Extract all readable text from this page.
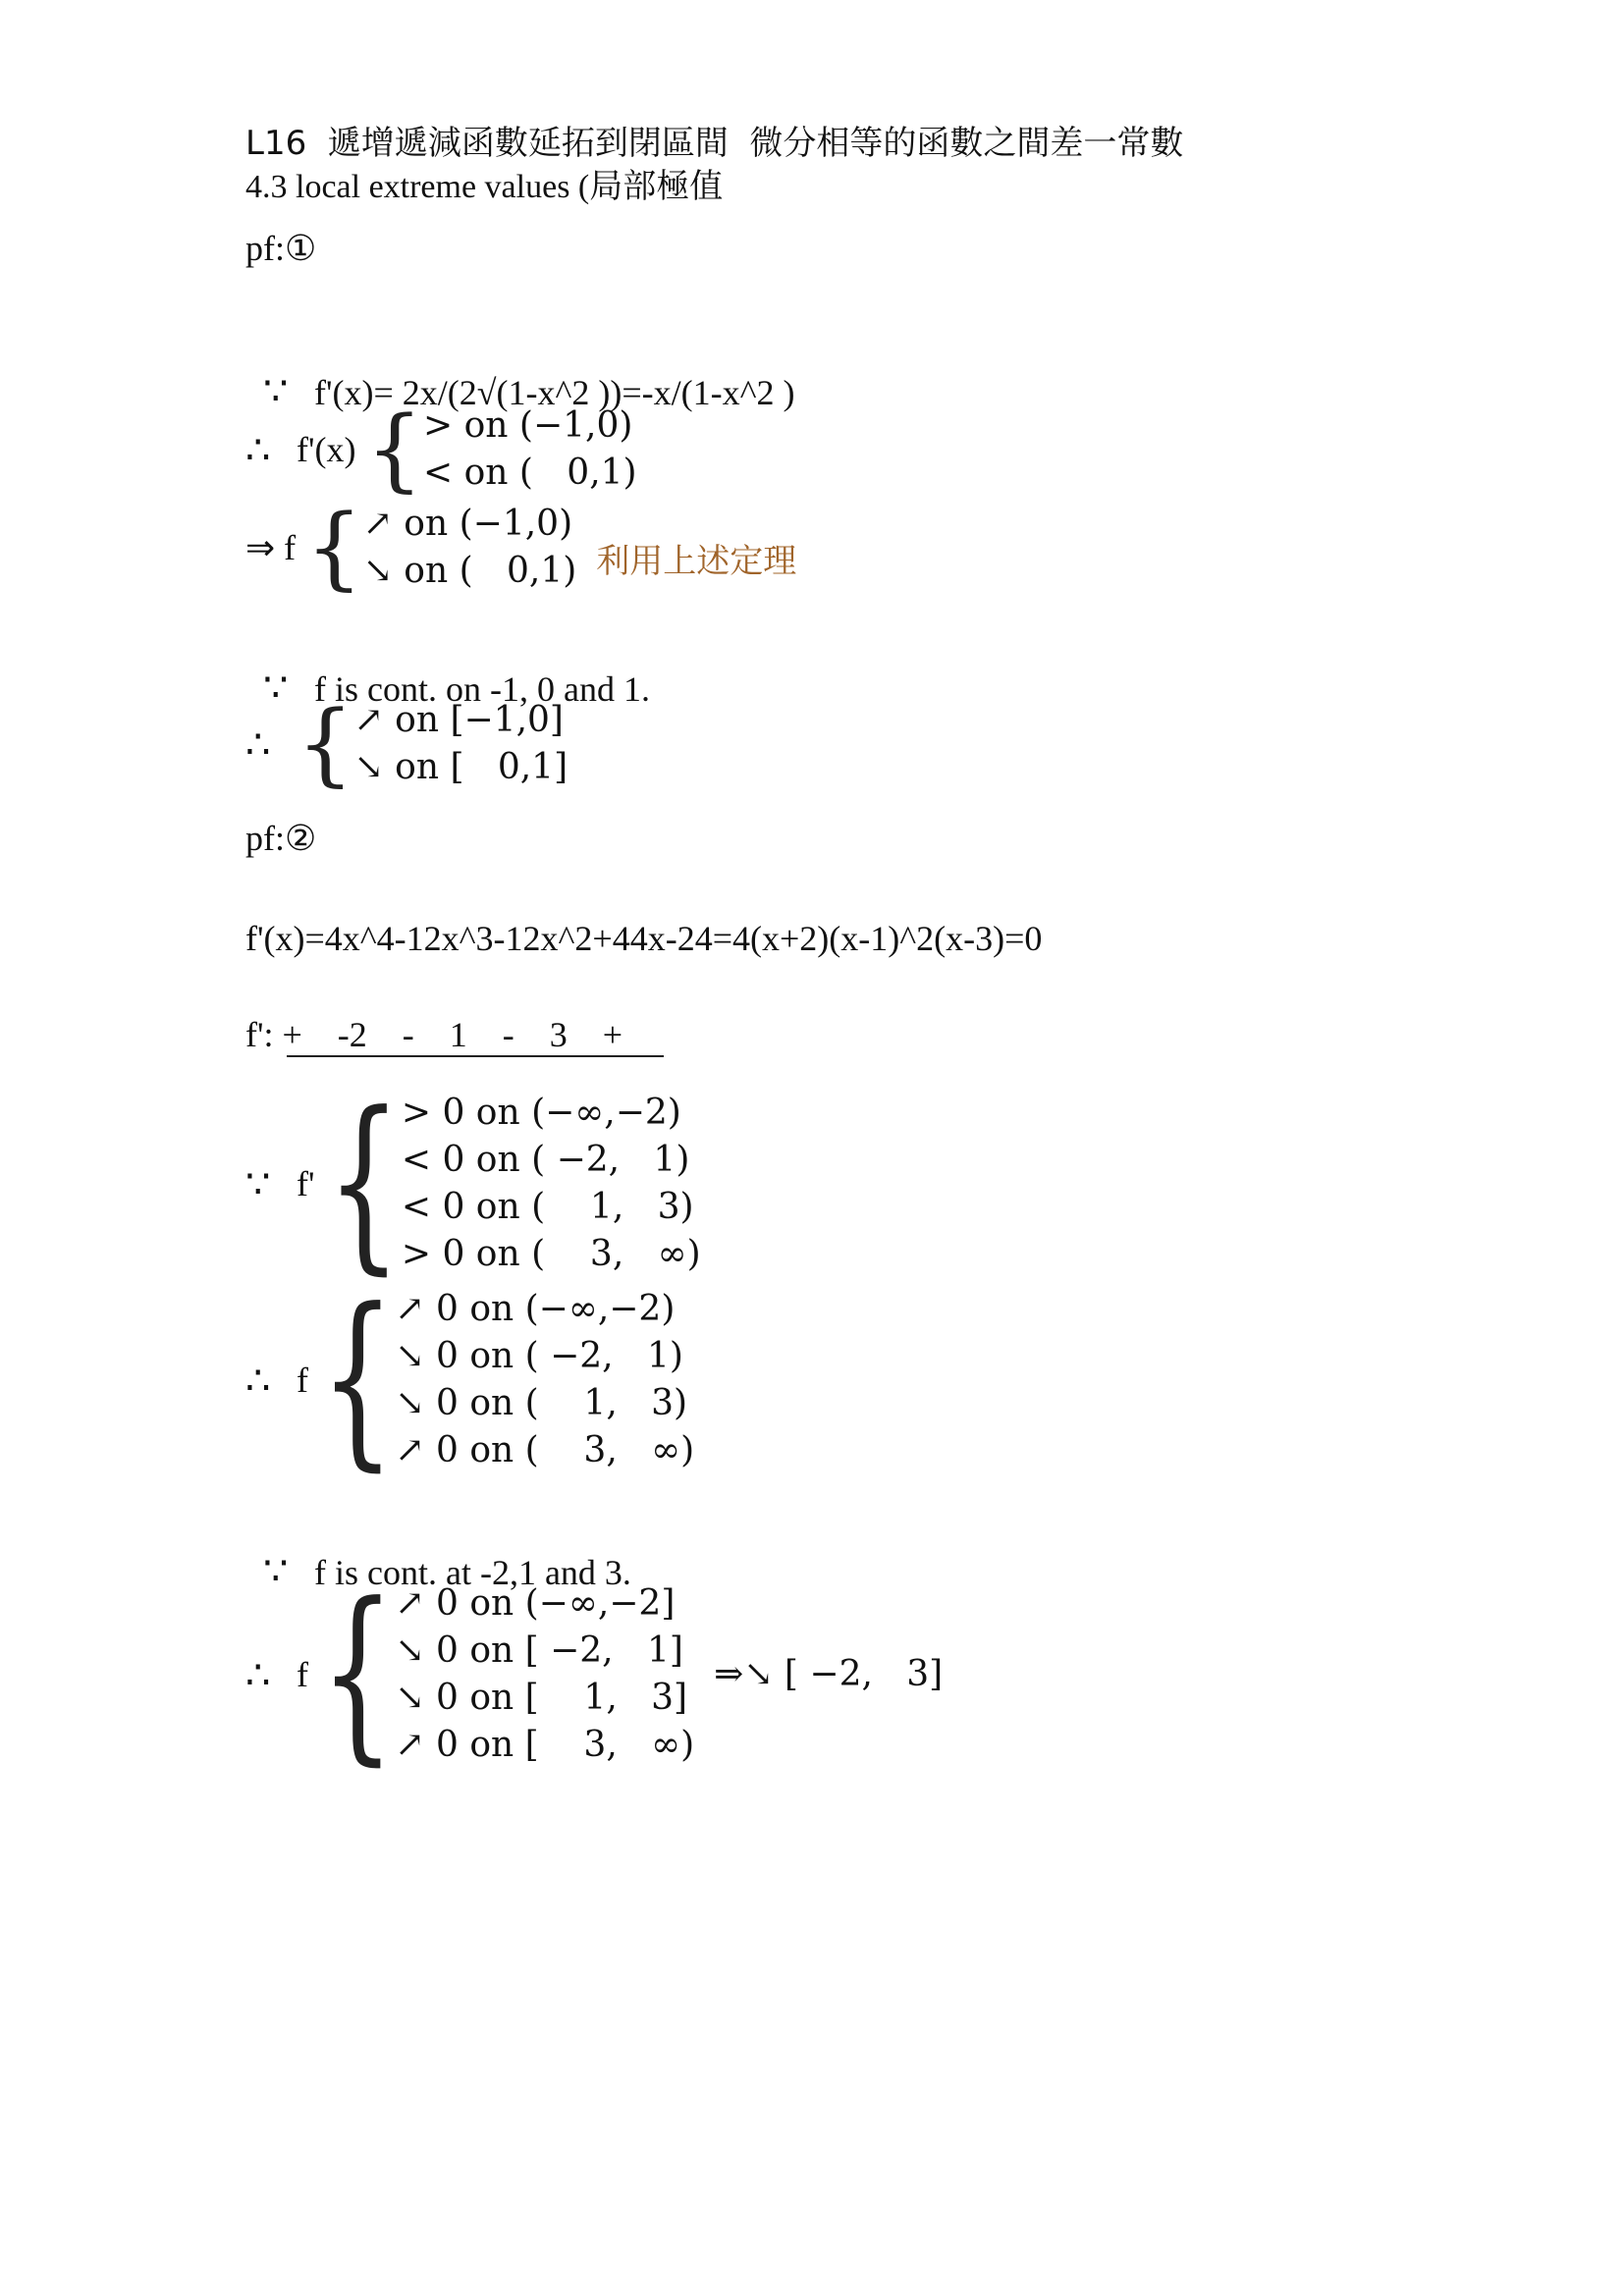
L16  遞增遞減函數延拓到閉區間  微分相等的函數之間差一常數
4.3 local extreme values (局部極值
pf:①

∵ f'(x)= 2x/(2√(1-x^2 ))=-x/(1-x^2 )

∴ f'(x) { > on (−1,0)
< on (   0,1)
⇒ f { ↗ on (−1,0)
↘ on (   0,1) 利用上述定理

∵ f is cont. on -1, 0 and 1.

∴ { ↗ on [−1,0]
↘ on [   0,1]
pf:②
f'(x)=4x^4-12x^3-12x^2+44x-24=4(x+2)(x-1)^2(x-3)=0
f': +    -2    -    1    -    3    +
∵ f' { > 0 on (−∞,−2)
< 0 on ( −2,   1)
< 0 on (    1,   3)
> 0 on (    3,   ∞)
∴ f { ↗ 0 on (−∞,−2)
↘ 0 on ( −2,   1)
↘ 0 on (    1,   3)
↗ 0 on (    3,   ∞)

∵ f is cont. at -2,1 and 3.

∴ f { ↗ 0 on (−∞,−2]
↘ 0 on [ −2,   1]
↘ 0 on [    1,   3]
↗ 0 on [    3,   ∞)
⇒↘ [ −2,   3]
